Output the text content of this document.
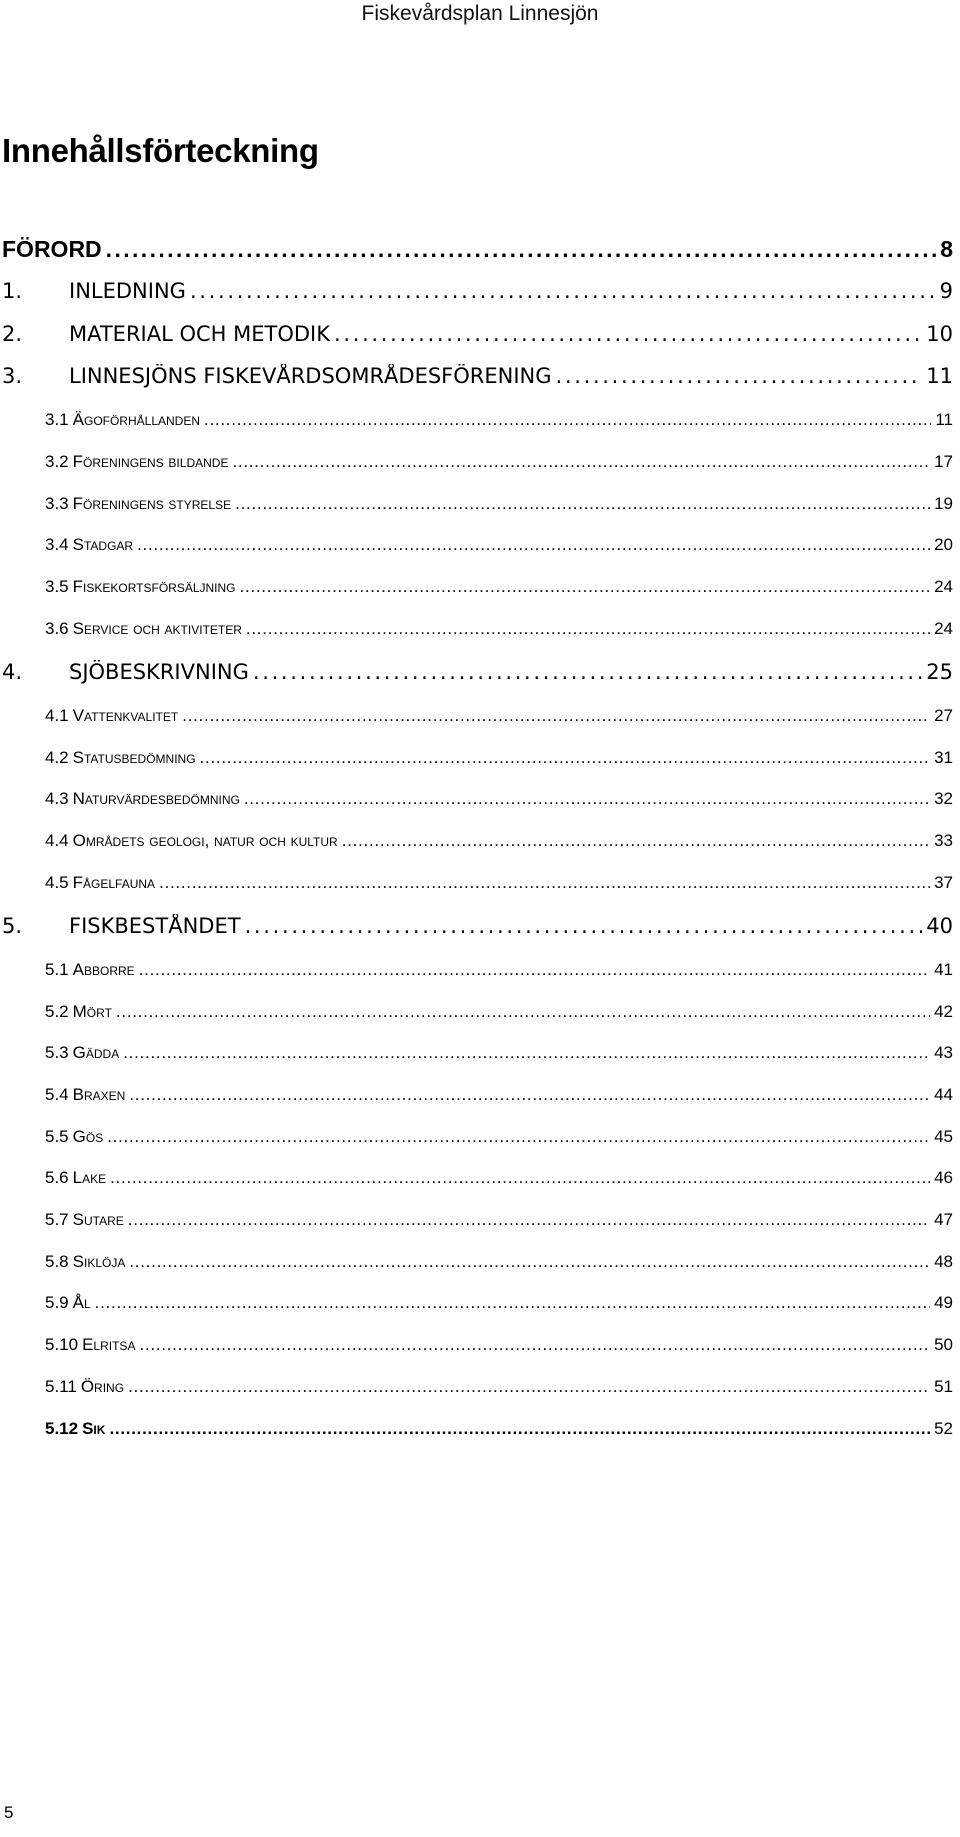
Fiskevårdsplan Linnesjön
Innehållsförteckning
FÖRORD . . .	8
1.	INLEDNING . . .	9
2.	MATERIAL OCH METODIK . . .	10
3.	LINNESJÖNS FISKEVÅRDSOMRÅDESFÖRENING . . .	11
3.1 Ägoförhållanden . . .	11
3.2 Föreningens bildande . . .	17
3.3 Föreningens styrelse . . .	19
3.4 Stadgar . . .	20
3.5 Fiskekortsförsäljning . . .	24
3.6 Service och aktiviteter . . .	24
4.	SJÖBESKRIVNING . . .	25
4.1 Vattenkvalitet . . .	27
4.2 Statusbedömning . . .	31
4.3 Naturvärdesbedömning . . .	32
4.4 Områdets geologi, natur och kultur . . .	33
4.5 Fågelfauna . . .	37
5.	FISKBESTÅNDET . . .	40
5.1 Abborre . . .	41
5.2 Mört . . .	42
5.3 Gädda . . .	43
5.4 Braxen . . .	44
5.5 Gös . . .	45
5.6 Lake . . .	46
5.7 Sutare . . .	47
5.8 Siklöja . . .	48
5.9 Ål . . .	49
5.10 Elritsa . . .	50
5.11 Öring . . .	51
5.12 Sik . . .	52
5
